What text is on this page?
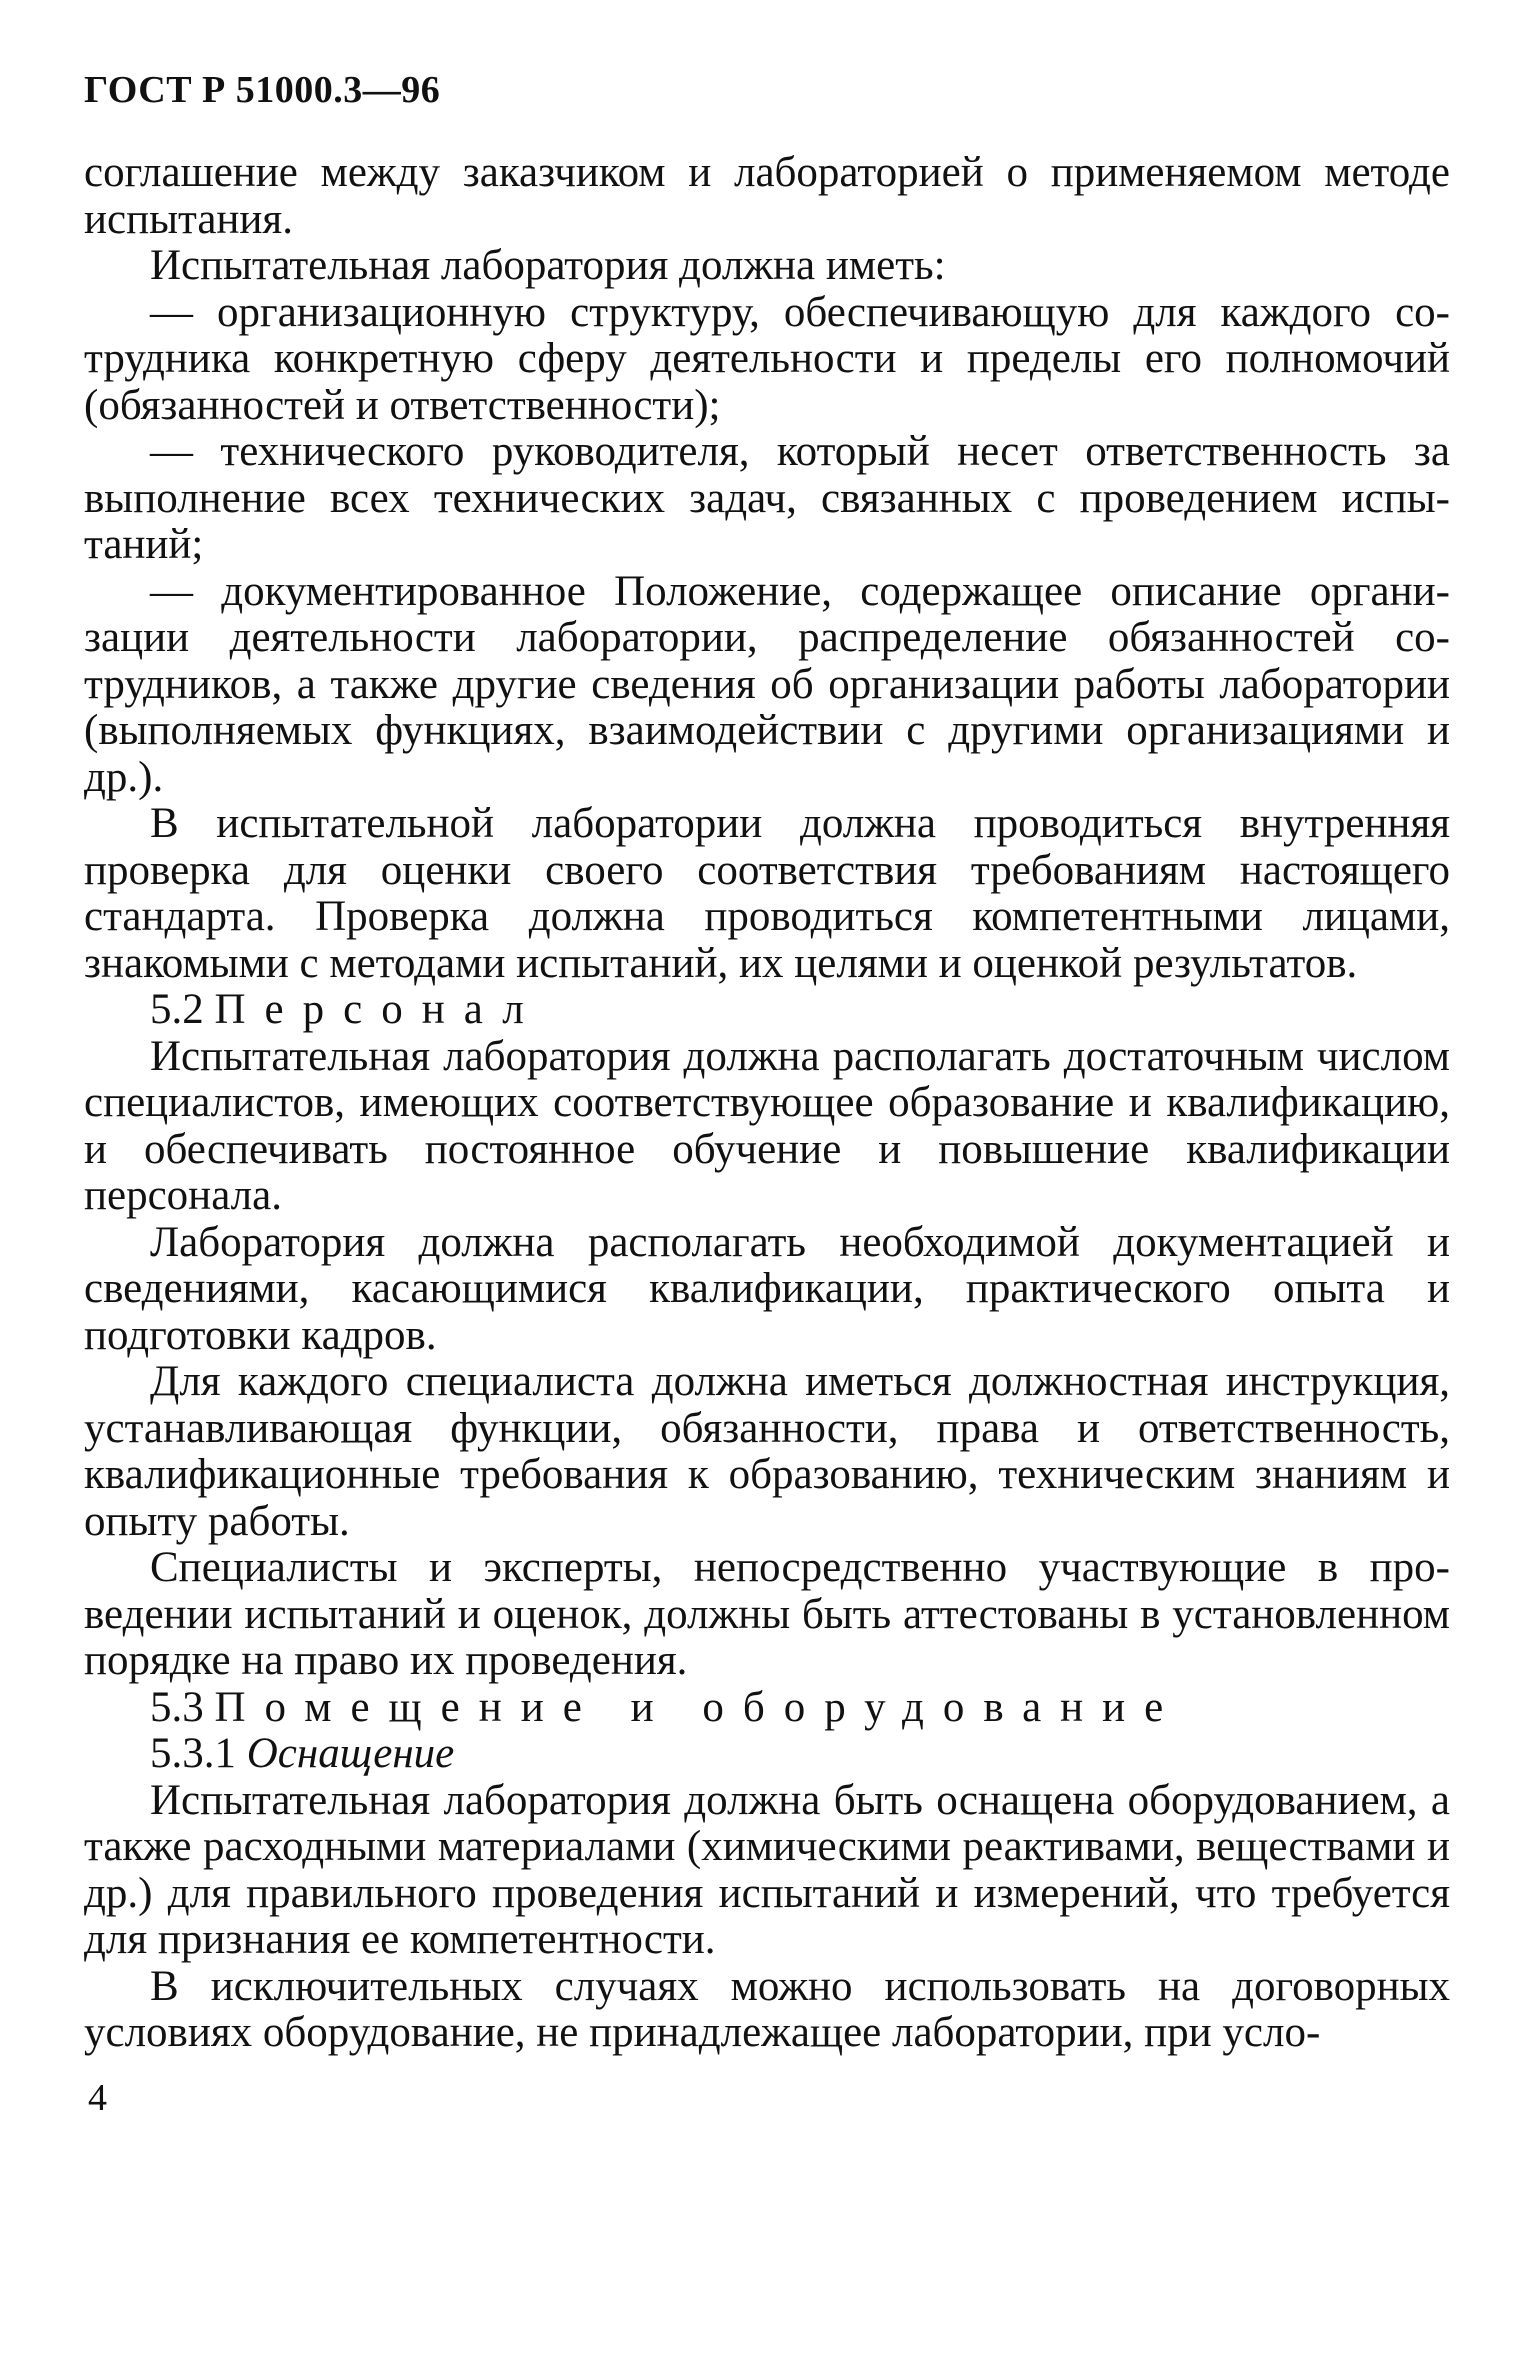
ГОСТ Р 51000.3—96

соглашение между заказчиком и лабораторией о применяемом методе испытания.

Испытательная лаборатория должна иметь:

— организационную структуру, обеспечивающую для каждого сотрудника конкретную сферу деятельности и пределы его полномочий (обязанностей и ответственности);

— технического руководителя, который несет ответственность за выполнение всех технических задач, связанных с проведением испытаний;

— документированное Положение, содержащее описание организации деятельности лаборатории, распределение обязанностей сотрудников, а также другие сведения об организации работы лаборатории (выполняемых функциях, взаимодействии с другими организациями и др.).

В испытательной лаборатории должна проводиться внутренняя проверка для оценки своего соответствия требованиям настоящего стандарта. Проверка должна проводиться компетентными лицами, знакомыми с методами испытаний, их целями и оценкой результатов.

5.2 Персонал

Испытательная лаборатория должна располагать достаточным числом специалистов, имеющих соответствующее образование и квалификацию, и обеспечивать постоянное обучение и повышение квалификации персонала.

Лаборатория должна располагать необходимой документацией и сведениями, касающимися квалификации, практического опыта и подготовки кадров.

Для каждого специалиста должна иметься должностная инструкция, устанавливающая функции, обязанности, права и ответственность, квалификационные требования к образованию, техническим знаниям и опыту работы.

Специалисты и эксперты, непосредственно участвующие в проведении испытаний и оценок, должны быть аттестованы в установленном порядке на право их проведения.

5.3 Помещение и оборудование

5.3.1 Оснащение

Испытательная лаборатория должна быть оснащена оборудованием, а также расходными материалами (химическими реактивами, веществами и др.) для правильного проведения испытаний и измерений, что требуется для признания ее компетентности.

В исключительных случаях можно использовать на договорных условиях оборудование, не принадлежащее лаборатории, при усло-

4
